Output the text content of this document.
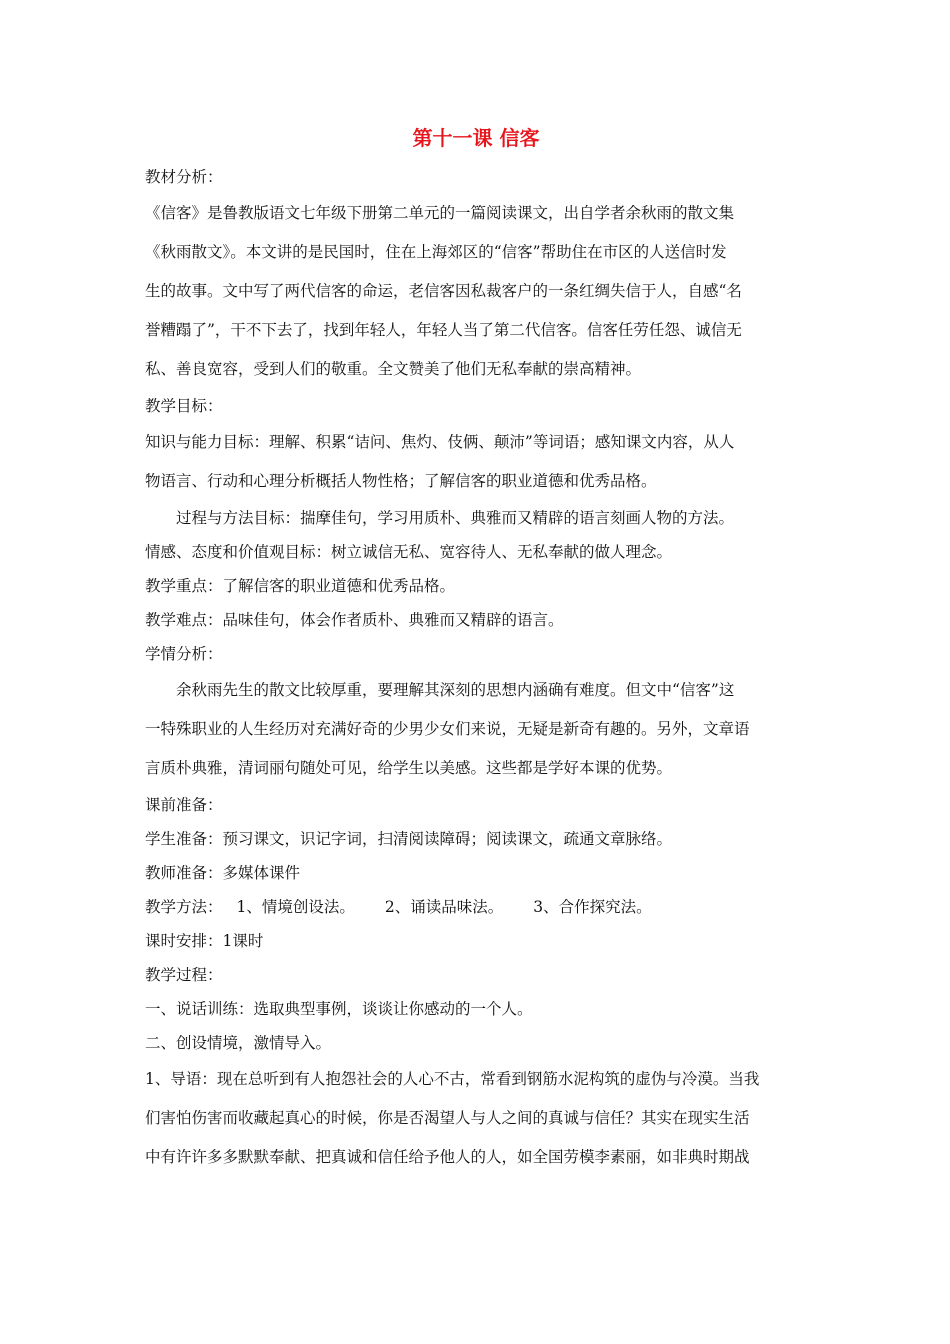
第十一课 信客
教材分析：
《信客》是鲁教版语文七年级下册第二单元的一篇阅读课文，出自学者余秋雨的散文集
《秋雨散文》。本文讲的是民国时，住在上海郊区的“信客”帮助住在市区的人送信时发
生的故事。文中写了两代信客的命运，老信客因私裁客户的一条红绸失信于人，自感“名
誉糟蹋了”，干不下去了，找到年轻人，年轻人当了第二代信客。信客任劳任怨、诚信无
私、善良宽容，受到人们的敬重。全文赞美了他们无私奉献的崇高精神。
教学目标：
知识与能力目标：理解、积累“诘问、焦灼、伎俩、颠沛”等词语；感知课文内容，从人
物语言、行动和心理分析概括人物性格；了解信客的职业道德和优秀品格。
过程与方法目标：揣摩佳句，学习用质朴、典雅而又精辟的语言刻画人物的方法。
情感、态度和价值观目标：树立诚信无私、宽容待人、无私奉献的做人理念。
教学重点：了解信客的职业道德和优秀品格。
教学难点：品味佳句，体会作者质朴、典雅而又精辟的语言。
学情分析：
余秋雨先生的散文比较厚重，要理解其深刻的思想内涵确有难度。但文中“信客”这
一特殊职业的人生经历对充满好奇的少男少女们来说，无疑是新奇有趣的。另外，文章语
言质朴典雅，清词丽句随处可见，给学生以美感。这些都是学好本课的优势。
课前准备：
学生准备：预习课文，识记字词，扫清阅读障碍；阅读课文，疏通文章脉络。
教师准备：多媒体课件
教学方法： 1、情境创设法。 2、诵读品味法。 3、合作探究法。
课时安排：1课时
教学过程：
一、说话训练：选取典型事例，谈谈让你感动的一个人。
二、创设情境，激情导入。
1、导语：现在总听到有人抱怨社会的人心不古，常看到钢筋水泥构筑的虚伪与冷漠。当我
们害怕伤害而收藏起真心的时候，你是否渴望人与人之间的真诚与信任？其实在现实生活
中有许许多多默默奉献、把真诚和信任给予他人的人，如全国劳模李素丽，如非典时期战
